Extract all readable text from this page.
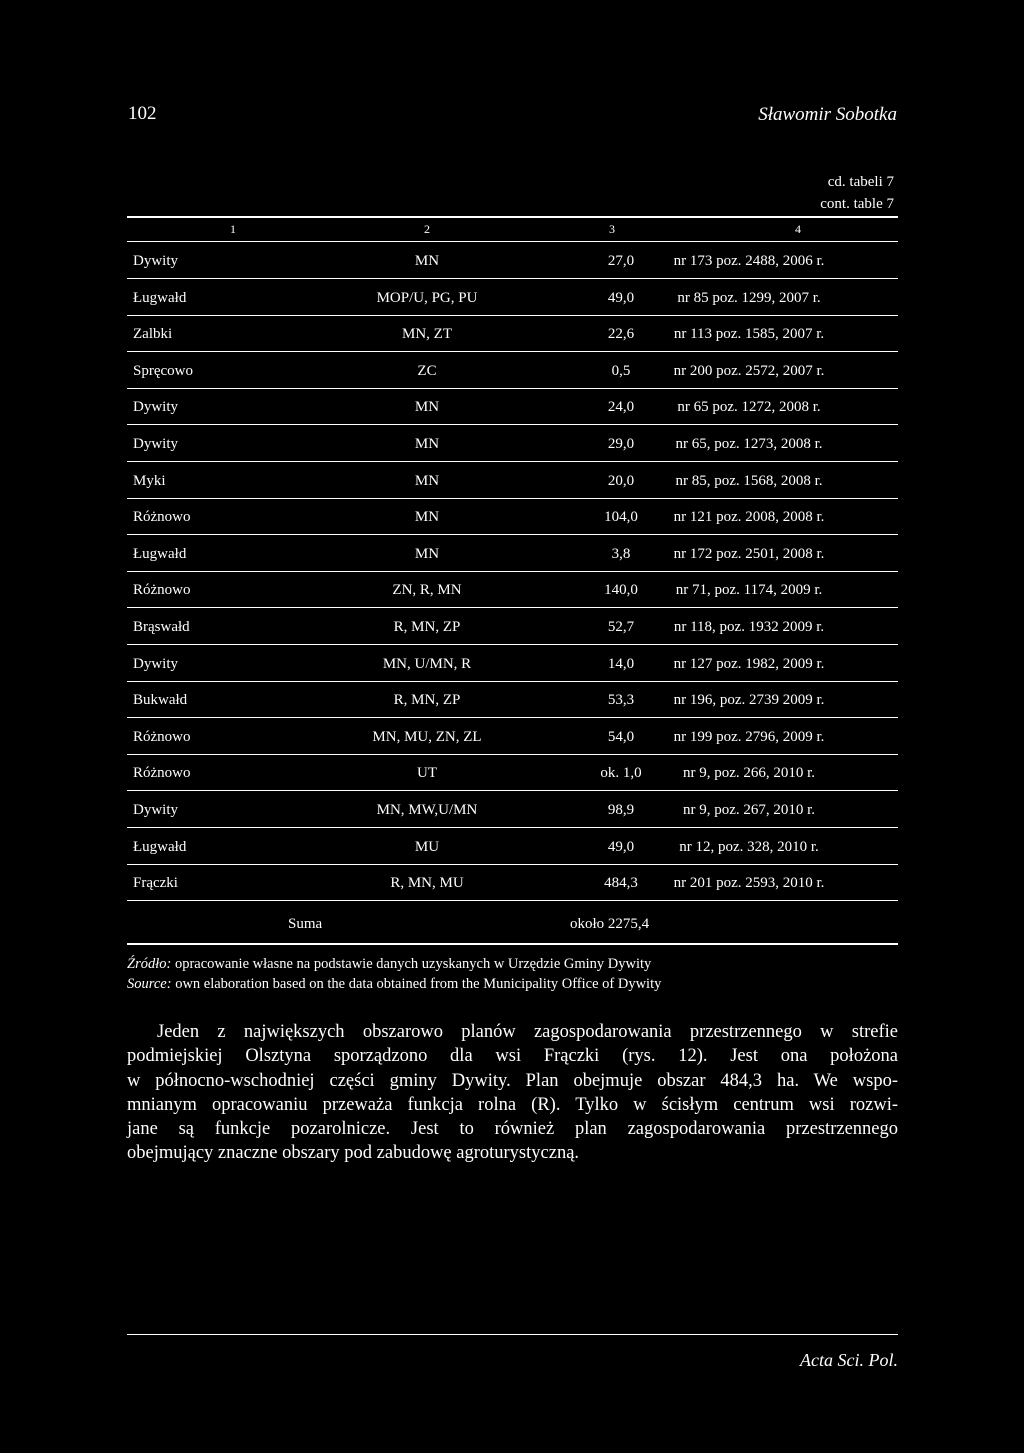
102	Sławomir Sobotka
cd. tabeli 7
cont. table 7
1	2	3	4
Dywity	MN	27,0	nr 173 poz. 2488, 2006 r.
Ługwałd	MOP/U, PG, PU	49,0	nr 85 poz. 1299, 2007 r.
Zalbki	MN, ZT	22,6	nr 113 poz. 1585, 2007 r.
Spręcowo	ZC	0,5	nr 200 poz. 2572, 2007 r.
Dywity	MN	24,0	nr 65 poz. 1272, 2008 r.
Dywity	MN	29,0	nr 65, poz. 1273, 2008 r.
Myki	MN	20,0	nr 85, poz. 1568, 2008 r.
Różnowo	MN	104,0 nr 121 poz. 2008, 2008 r.
Ługwałd	MN	3,8	nr 172 poz. 2501, 2008 r.
Różnowo	ZN, R, MN	140,0	nr 71, poz. 1174, 2009 r.
Brąswałd	R, MN, ZP	52,7	nr 118, poz. 1932 2009 r.
Dywity	MN, U/MN, R	14,0	nr 127 poz. 1982, 2009 r.
Bukwałd	R, MN, ZP	53,3	nr 196, poz. 2739 2009 r.
Różnowo	MN, MU, ZN, ZL	54,0	nr 199 poz. 2796, 2009 r.
Różnowo	UT	ok. 1,0	nr 9, poz. 266, 2010 r.
Dywity	MN, MW,U/MN	98,9	nr 9, poz. 267, 2010 r.
Ługwałd	MU	49,0	nr 12, poz. 328, 2010 r.
Frączki	R, MN, MU	484,3 nr 201 poz. 2593, 2010 r.
Suma	około 2275,4
Źródło: opracowanie własne na podstawie danych uzyskanych w Urzędzie Gminy Dywity
Source: own elaboration based on the data obtained from the Municipality Office of Dywity
Jeden z największych obszarowo planów zagospodarowania przestrzennego w strefie
podmiejskiej Olsztyna sporządzono dla wsi Frączki (rys. 12). Jest ona położona
w północno-wschodniej części gminy Dywity. Plan obejmuje obszar 484,3 ha. We wspo-
mnianym opracowaniu przeważa funkcja rolna (R). Tylko w ścisłym centrum wsi rozwi-
jane są funkcje pozarolnicze. Jest to również plan zagospodarowania przestrzennego
obejmujący znaczne obszary pod zabudowę agroturystyczną.
Acta Sci. Pol.
